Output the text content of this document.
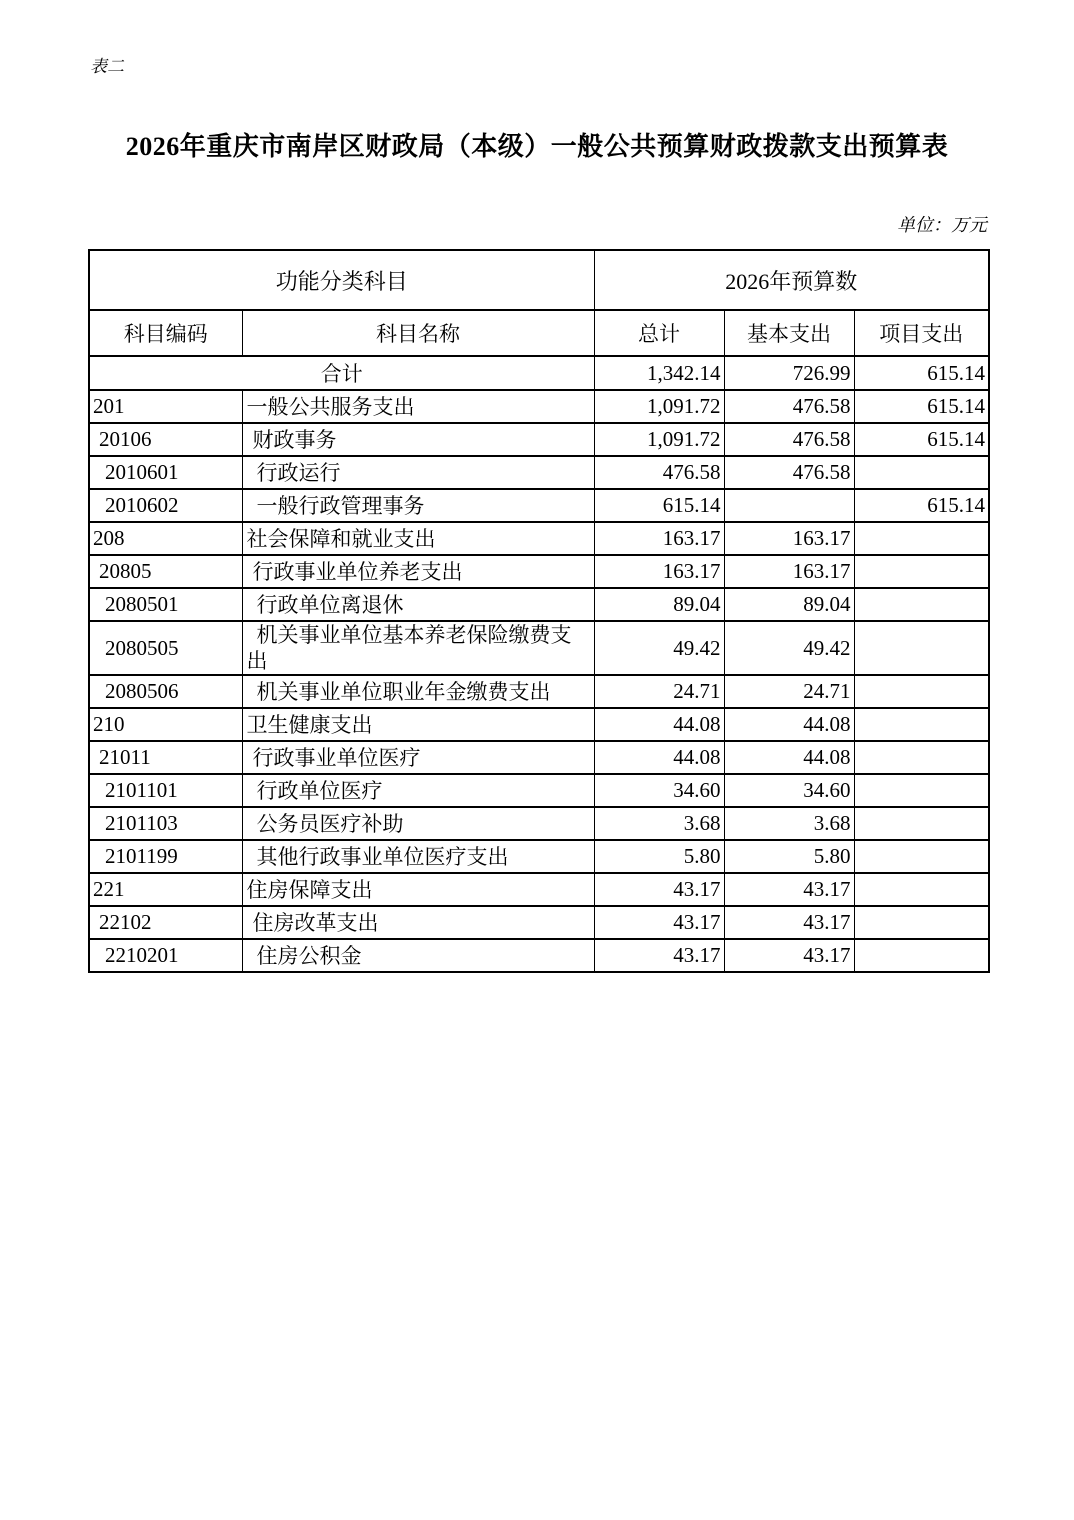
表二
2026年重庆市南岸区财政局（本级）一般公共预算财政拨款支出预算表
单位：万元
功能分类科目		2026年预算数		
科目编码	科目名称	总计	基本支出	项目支出
合计		1,342.14	726.99	615.14
201	一般公共服务支出	1,091.72	476.58	615.14
20106	财政事务	1,091.72	476.58	615.14
2010601	行政运行	476.58	476.58	
2010602	一般行政管理事务	615.14		615.14
208	社会保障和就业支出	163.17	163.17	
20805	行政事业单位养老支出	163.17	163.17	
2080501	行政单位离退休	89.04	89.04	
2080505	机关事业单位基本养老保险缴费支出	49.42	49.42	
2080506	机关事业单位职业年金缴费支出	24.71	24.71	
210	卫生健康支出	44.08	44.08	
21011	行政事业单位医疗	44.08	44.08	
2101101	行政单位医疗	34.60	34.60	
2101103	公务员医疗补助	3.68	3.68	
2101199	其他行政事业单位医疗支出	5.80	5.80	
221	住房保障支出	43.17	43.17	
22102	住房改革支出	43.17	43.17	
2210201	住房公积金	43.17	43.17	
